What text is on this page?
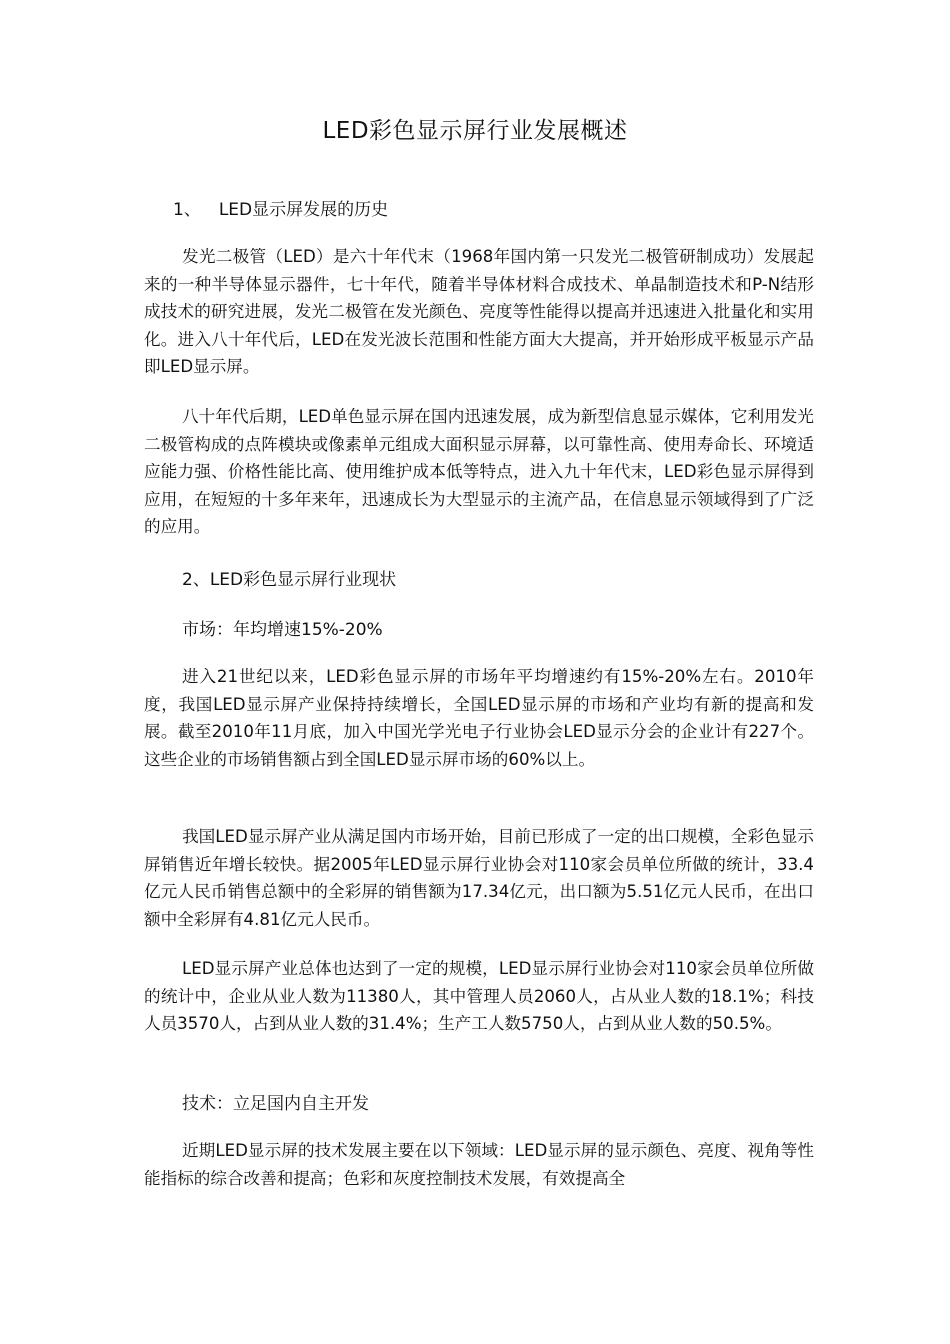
LED彩色显示屏行业发展概述
1、 LED显示屏发展的历史

发光二极管（LED）是六十年代末（1968年国内第一只发光二极管研制成功）发展起来的一种半导体显示器件，七十年代，随着半导体材料合成技术、单晶制造技术和P-N结形成技术的研究进展，发光二极管在发光颜色、亮度等性能得以提高并迅速进入批量化和实用化。进入八十年代后，LED在发光波长范围和性能方面大大提高，并开始形成平板显示产品即LED显示屏。

八十年代后期，LED单色显示屏在国内迅速发展，成为新型信息显示媒体，它利用发光二极管构成的点阵模块或像素单元组成大面积显示屏幕，以可靠性高、使用寿命长、环境适应能力强、价格性能比高、使用维护成本低等特点，进入九十年代末，LED彩色显示屏得到应用，在短短的十多年来年，迅速成长为大型显示的主流产品，在信息显示领域得到了广泛的应用。

2、LED彩色显示屏行业现状
市场：年均增速15%-20%

进入21世纪以来，LED彩色显示屏的市场年平均增速约有15%-20%左右。2010年度，我国LED显示屏产业保持持续增长，全国LED显示屏的市场和产业均有新的提高和发展。截至2010年11月底，加入中国光学光电子行业协会LED显示分会的企业计有227个。这些企业的市场销售额占到全国LED显示屏市场的60%以上。

我国LED显示屏产业从满足国内市场开始，目前已形成了一定的出口规模，全彩色显示屏销售近年增长较快。据2005年LED显示屏行业协会对110家会员单位所做的统计，33.4亿元人民币销售总额中的全彩屏的销售额为17.34亿元，出口额为5.51亿元人民币，在出口额中全彩屏有4.81亿元人民币。

LED显示屏产业总体也达到了一定的规模，LED显示屏行业协会对110家会员单位所做的统计中，企业从业人数为11380人，其中管理人员2060人，占从业人数的18.1%；科技人员3570人，占到从业人数的31.4%；生产工人数5750人，占到从业人数的50.5%。

技术：立足国内自主开发

近期LED显示屏的技术发展主要在以下领域：LED显示屏的显示颜色、亮度、视角等性能指标的综合改善和提高；色彩和灰度控制技术发展，有效提高全
